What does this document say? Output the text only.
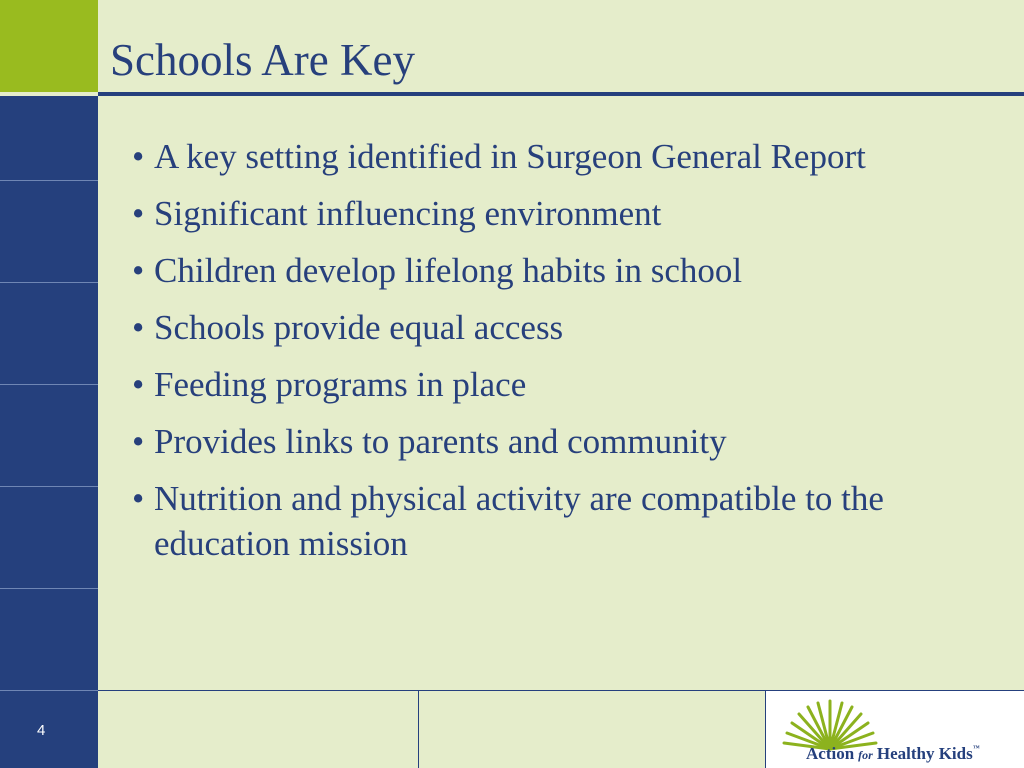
Schools Are Key
• A key setting identified in Surgeon General Report
• Significant influencing environment
• Children develop lifelong habits in school
• Schools provide equal access
• Feeding programs in place
• Provides links to parents and community
• Nutrition and physical activity are compatible to the education mission
4
Action for Healthy Kids™
